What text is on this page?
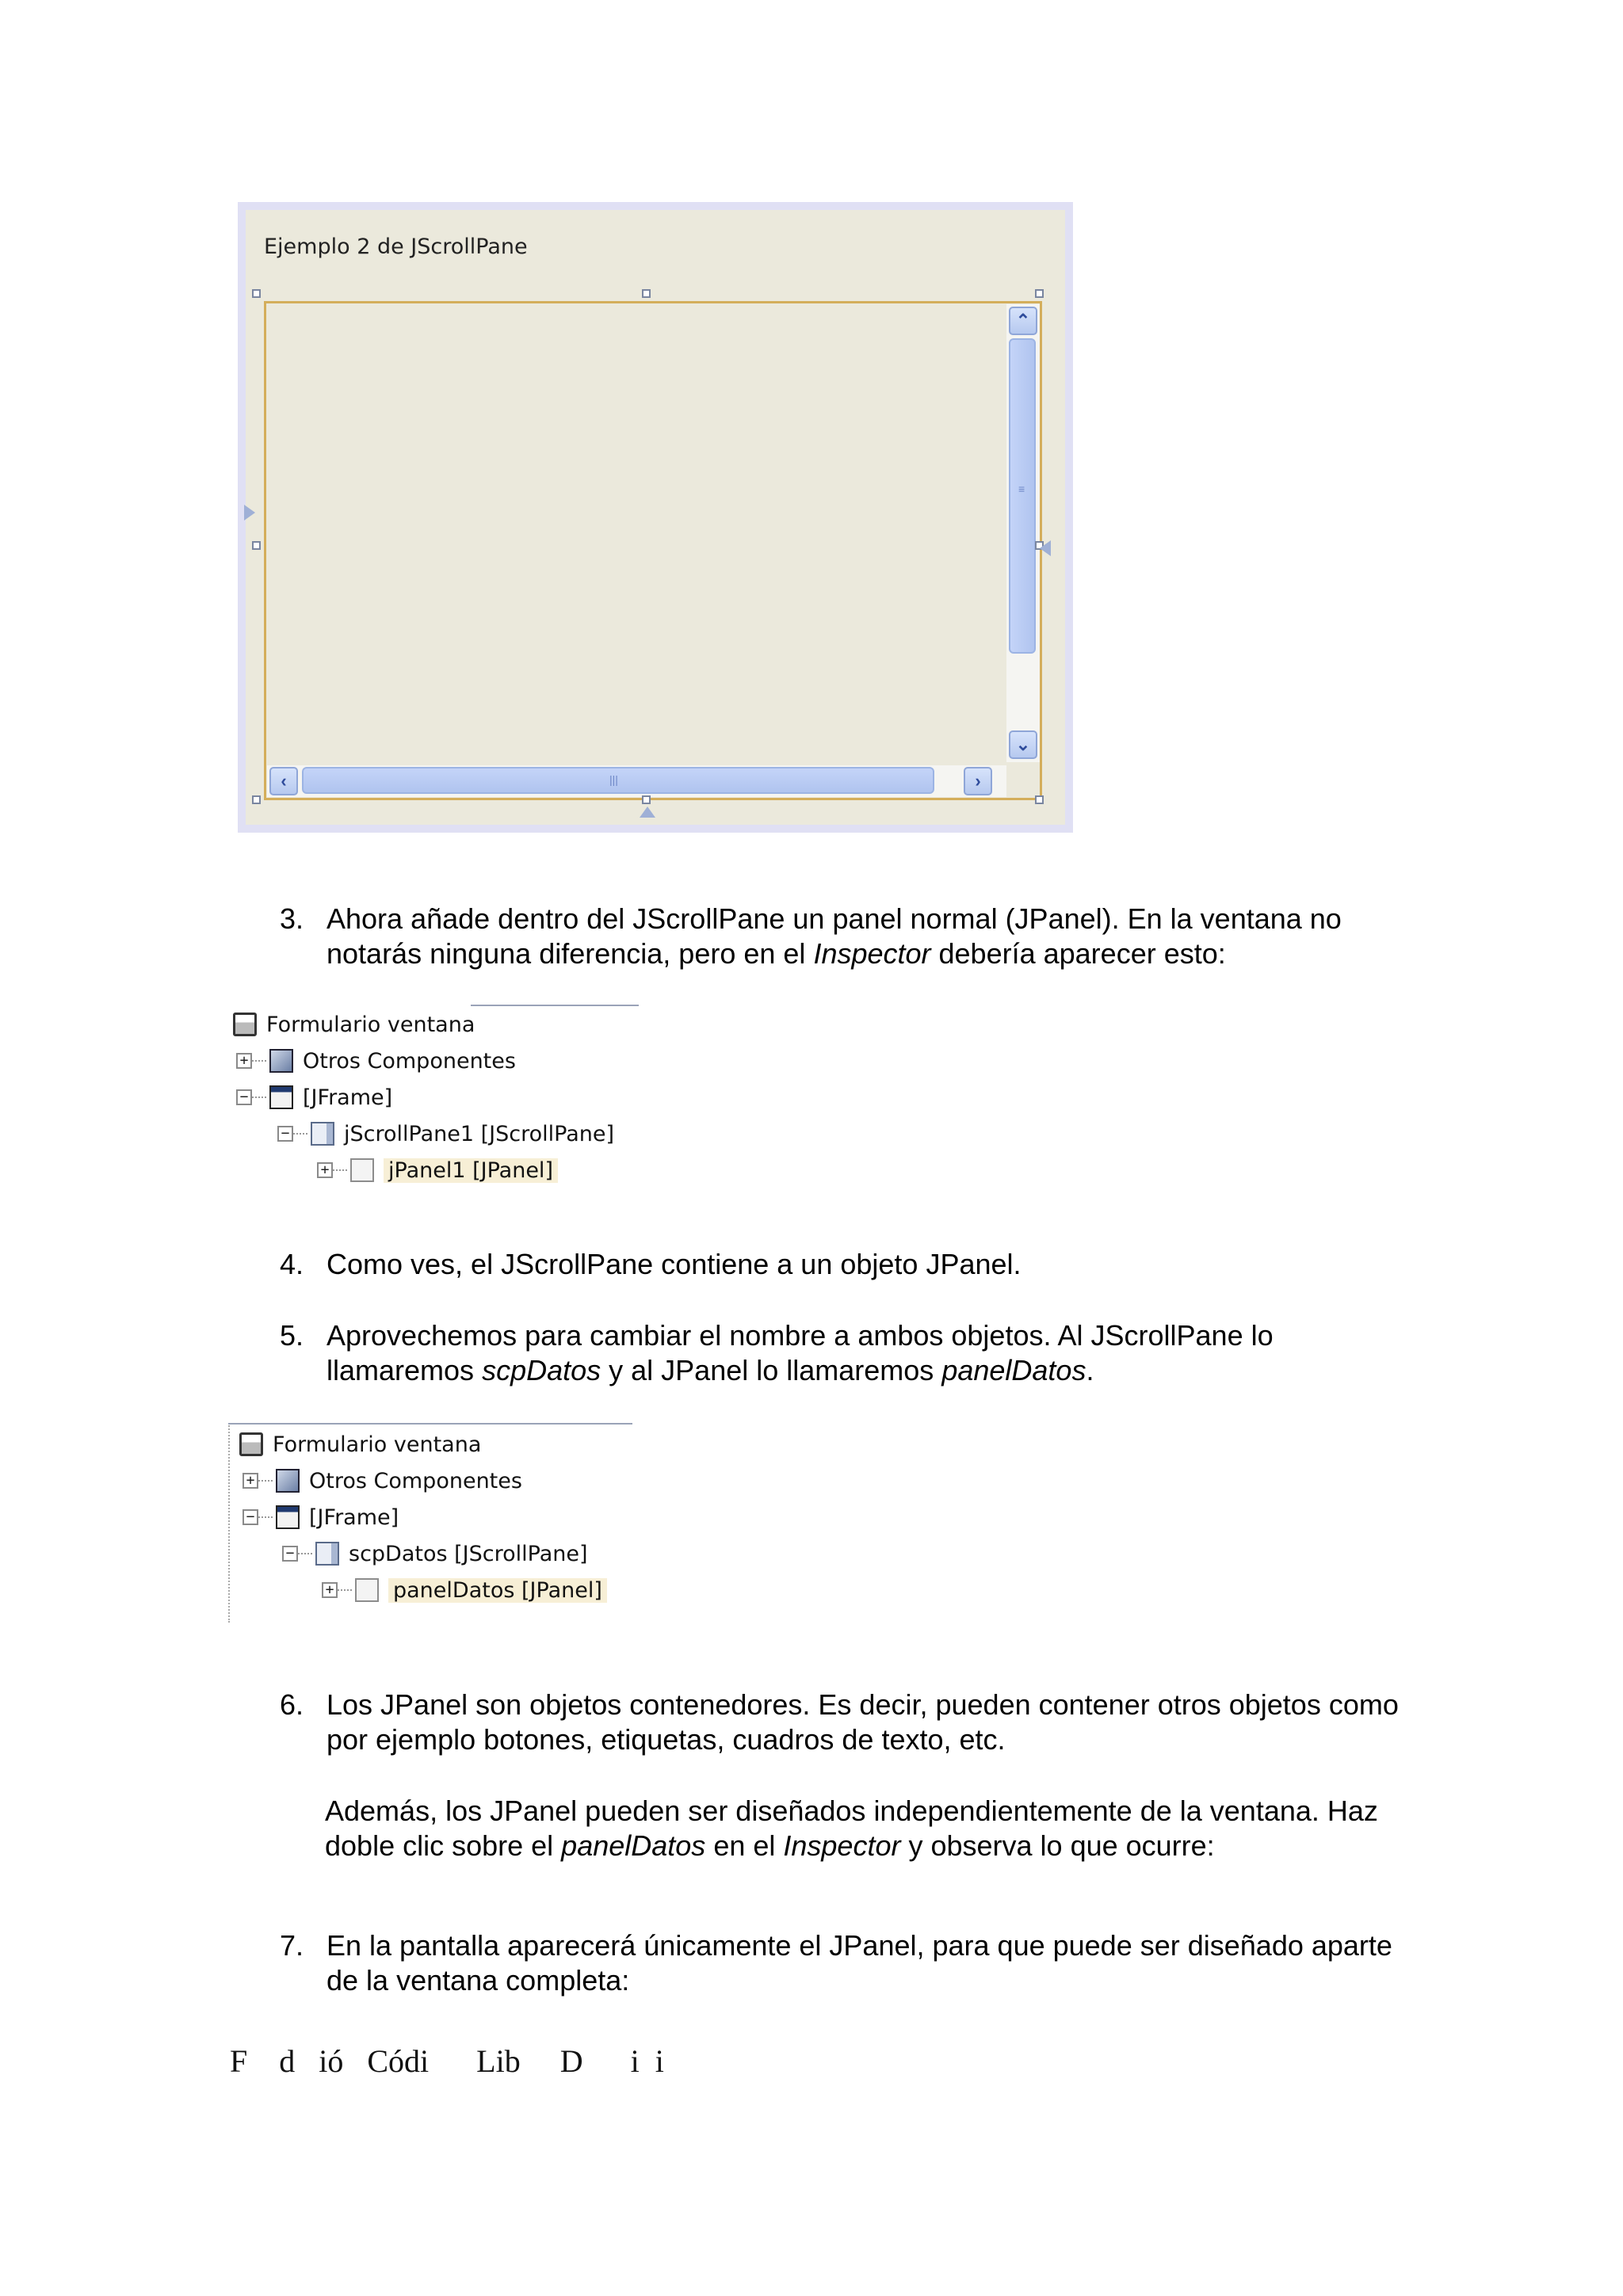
Ejemplo 2 de JScrollPane
⌃
≡
⌄
‹	|||	›
3. Ahora añade dentro del JScrollPane un panel normal (JPanel). En la ventana no
notarás ninguna diferencia, pero en el Inspector debería aparecer esto:
Formulario ventana
+	Otros Componentes
−	[JFrame]
−	jScrollPane1 [JScrollPane]
+	jPanel1 [JPanel]
4. Como ves, el JScrollPane contiene a un objeto JPanel.
5. Aprovechemos para cambiar el nombre a ambos objetos. Al JScrollPane lo
llamaremos scpDatos y al JPanel lo llamaremos panelDatos.
Formulario ventana
+	Otros Componentes
−	[JFrame]
−	scpDatos [JScrollPane]
+	panelDatos [JPanel]
6. Los JPanel son objetos contenedores. Es decir, pueden contener otros objetos como
por ejemplo botones, etiquetas, cuadros de texto, etc.
Además, los JPanel pueden ser diseñados independientemente de la ventana. Haz
doble clic sobre el panelDatos en el Inspector y observa lo que ocurre:
7. En la pantalla aparecerá únicamente el JPanel, para que puede ser diseñado aparte
de la ventana completa:
F    d   ió   Códi      Lib     D      i  i
